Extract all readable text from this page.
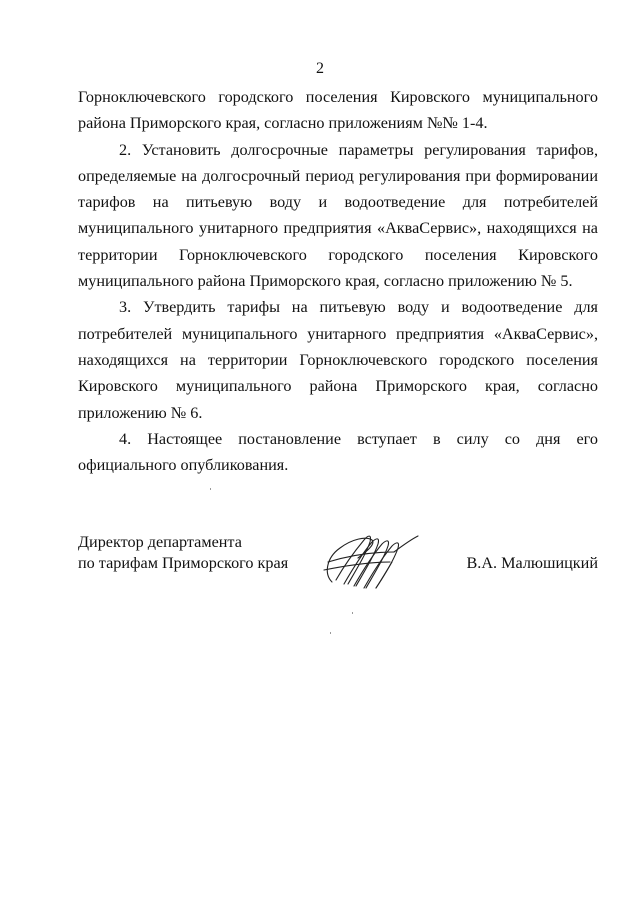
2

Горноключевского городского поселения Кировского муниципального района Приморского края, согласно приложениям №№ 1-4.

2. Установить долгосрочные параметры регулирования тарифов, определяемые на долгосрочный период регулирования при формировании тарифов на питьевую воду и водоотведение для потребителей муниципального унитарного предприятия «АкваСервис», находящихся на территории Горноключевского городского поселения Кировского муниципального района Приморского края, согласно приложению № 5.

3. Утвердить тарифы на питьевую воду и водоотведение для потребителей муниципального унитарного предприятия «АкваСервис», находящихся на территории Горноключевского городского поселения Кировского муниципального района Приморского края, согласно приложению № 6.

4. Настоящее постановление вступает в силу со дня его официального опубликования.

Директор департамента
по тарифам Приморского края	В.А. Малюшицкий
